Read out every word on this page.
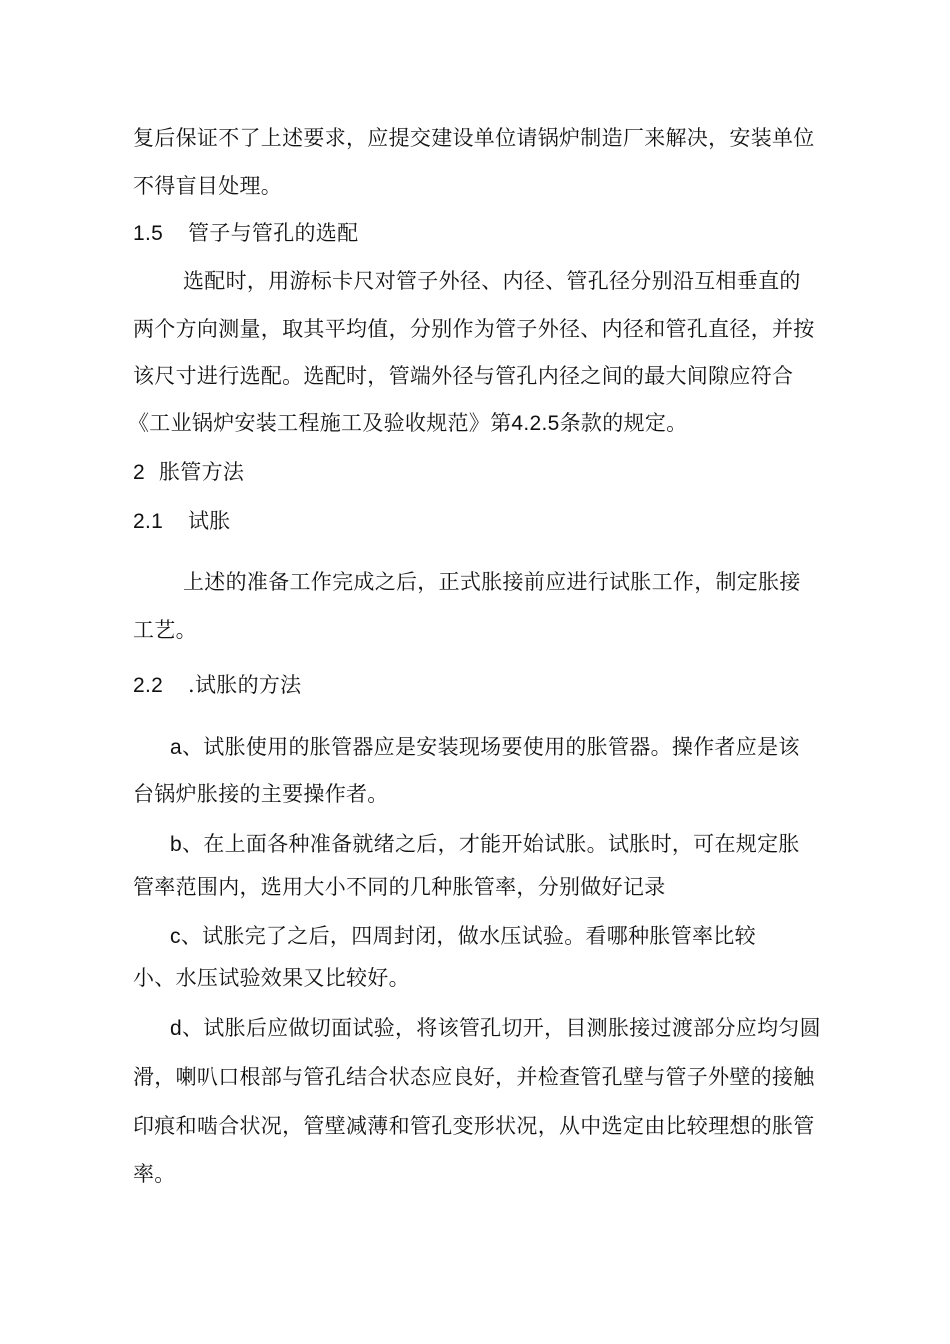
复后保证不了上述要求，应提交建设单位请锅炉制造厂来解决，安装单位
不得盲目处理。
1.5 管子与管孔的选配
选配时，用游标卡尺对管子外径、内径、管孔径分别沿互相垂直的
两个方向测量，取其平均值，分别作为管子外径、内径和管孔直径，并按
该尺寸进行选配。选配时，管端外径与管孔内径之间的最大间隙应符合
《工业锅炉安装工程施工及验收规范》第4.2.5条款的规定。
2 胀管方法
2.1 试胀
上述的准备工作完成之后，正式胀接前应进行试胀工作，制定胀接
工艺。
2.2 .试胀的方法
a、试胀使用的胀管器应是安装现场要使用的胀管器。操作者应是该
台锅炉胀接的主要操作者。
b、在上面各种准备就绪之后，才能开始试胀。试胀时，可在规定胀
管率范围内，选用大小不同的几种胀管率，分别做好记录
c、试胀完了之后，四周封闭，做水压试验。看哪种胀管率比较
小、水压试验效果又比较好。
d、试胀后应做切面试验，将该管孔切开，目测胀接过渡部分应均匀圆
滑，喇叭口根部与管孔结合状态应良好，并检查管孔壁与管子外壁的接触
印痕和啮合状况，管壁减薄和管孔变形状况，从中选定由比较理想的胀管
率。
